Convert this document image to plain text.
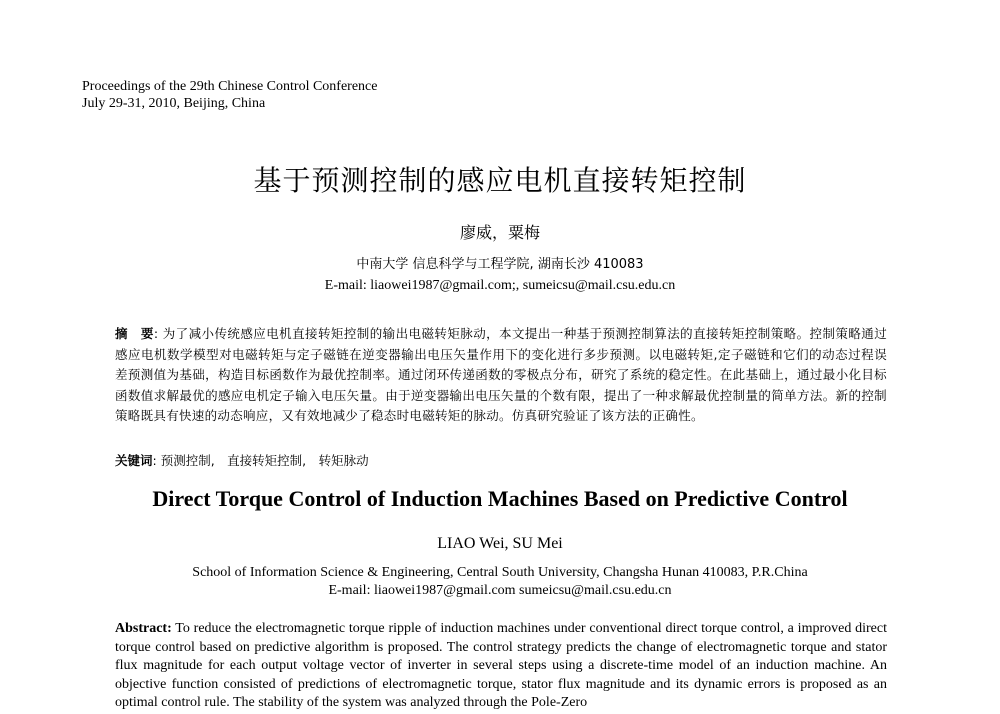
Proceedings of the 29th Chinese Control Conference
July 29-31, 2010, Beijing, China
基于预测控制的感应电机直接转矩控制
廖威，粟梅
中南大学 信息科学与工程学院, 湖南长沙 410083
E-mail: liaowei1987@gmail.com;, sumeicsu@mail.csu.edu.cn
摘　要: 为了减小传统感应电机直接转矩控制的输出电磁转矩脉动，本文提出一种基于预测控制算法的直接转矩控制策略。控制策略通过感应电机数学模型对电磁转矩与定子磁链在逆变器输出电压矢量作用下的变化进行多步预测。以电磁转矩,定子磁链和它们的动态过程误差预测值为基础，构造目标函数作为最优控制率。通过闭环传递函数的零极点分布，研究了系统的稳定性。在此基础上，通过最小化目标函数值求解最优的感应电机定子输入电压矢量。由于逆变器输出电压矢量的个数有限，提出了一种求解最优控制量的简单方法。新的控制策略既具有快速的动态响应，又有效地减少了稳态时电磁转矩的脉动。仿真研究验证了该方法的正确性。
关键词: 预测控制,　直接转矩控制,　转矩脉动
Direct Torque Control of Induction Machines Based on Predictive Control
LIAO Wei, SU Mei
School of Information Science & Engineering, Central South University, Changsha Hunan 410083, P.R.China
E-mail: liaowei1987@gmail.com sumeicsu@mail.csu.edu.cn
Abstract: To reduce the electromagnetic torque ripple of induction machines under conventional direct torque control, a improved direct torque control based on predictive algorithm is proposed. The control strategy predicts the change of electromagnetic torque and stator flux magnitude for each output voltage vector of inverter in several steps using a discrete-time model of an induction machine. An objective function consisted of predictions of electromagnetic torque, stator flux magnitude and its dynamic errors is proposed as an optimal control rule. The stability of the system was analyzed through the Pole-Zero
